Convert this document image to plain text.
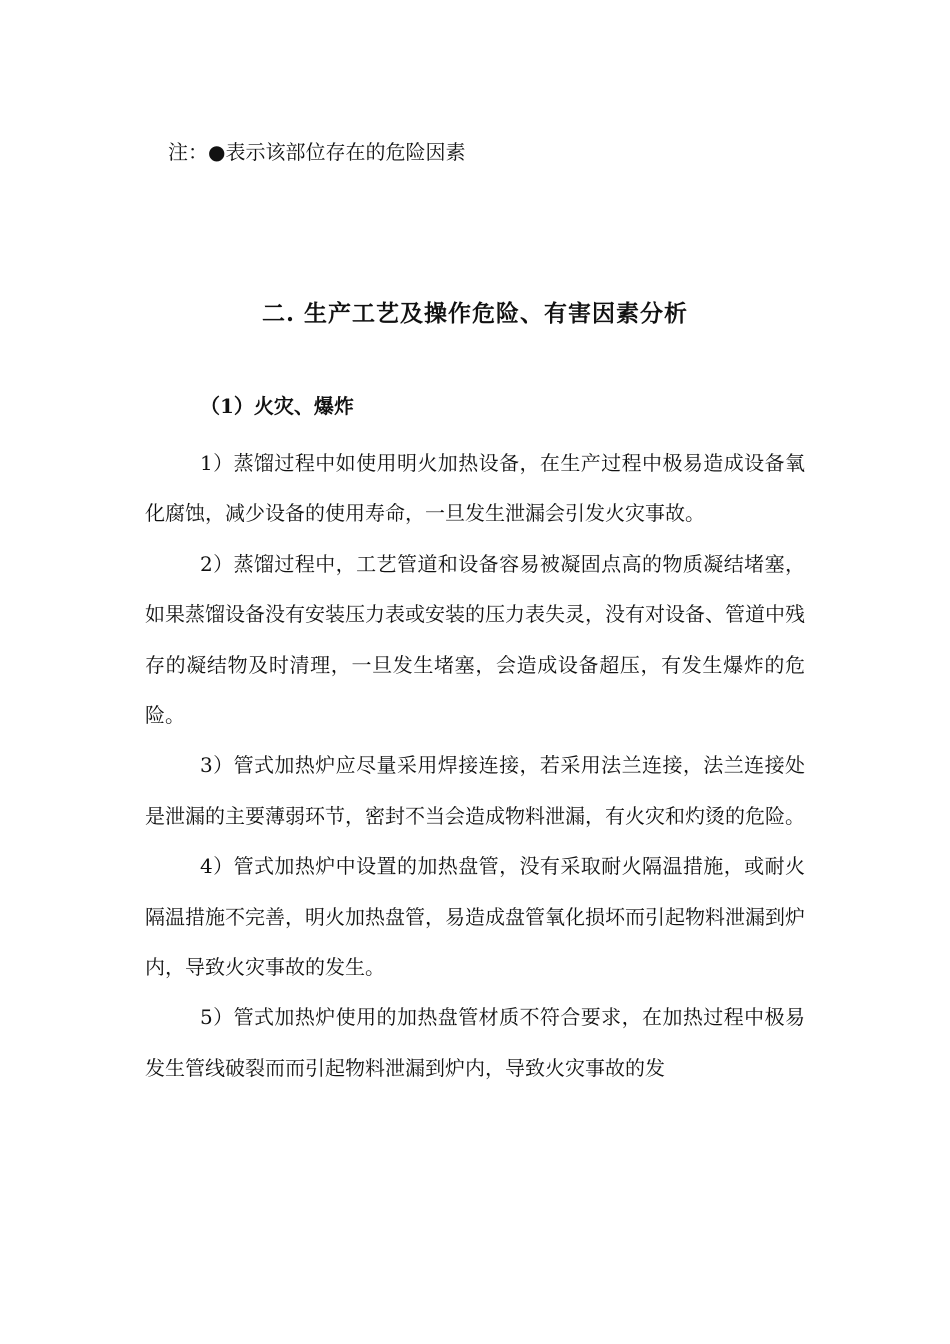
注：●表示该部位存在的危险因素
二. 生产工艺及操作危险、有害因素分析
（1）火灾、爆炸

1）蒸馏过程中如使用明火加热设备，在生产过程中极易造成设备氧化腐蚀，减少设备的使用寿命，一旦发生泄漏会引发火灾事故。

2）蒸馏过程中，工艺管道和设备容易被凝固点高的物质凝结堵塞，如果蒸馏设备没有安装压力表或安装的压力表失灵，没有对设备、管道中残存的凝结物及时清理，一旦发生堵塞，会造成设备超压，有发生爆炸的危险。

3）管式加热炉应尽量采用焊接连接，若采用法兰连接，法兰连接处是泄漏的主要薄弱环节，密封不当会造成物料泄漏，有火灾和灼烫的危险。

4）管式加热炉中设置的加热盘管，没有采取耐火隔温措施，或耐火隔温措施不完善，明火加热盘管，易造成盘管氧化损坏而引起物料泄漏到炉内，导致火灾事故的发生。

5）管式加热炉使用的加热盘管材质不符合要求，在加热过程中极易发生管线破裂而而引起物料泄漏到炉内，导致火灾事故的发
